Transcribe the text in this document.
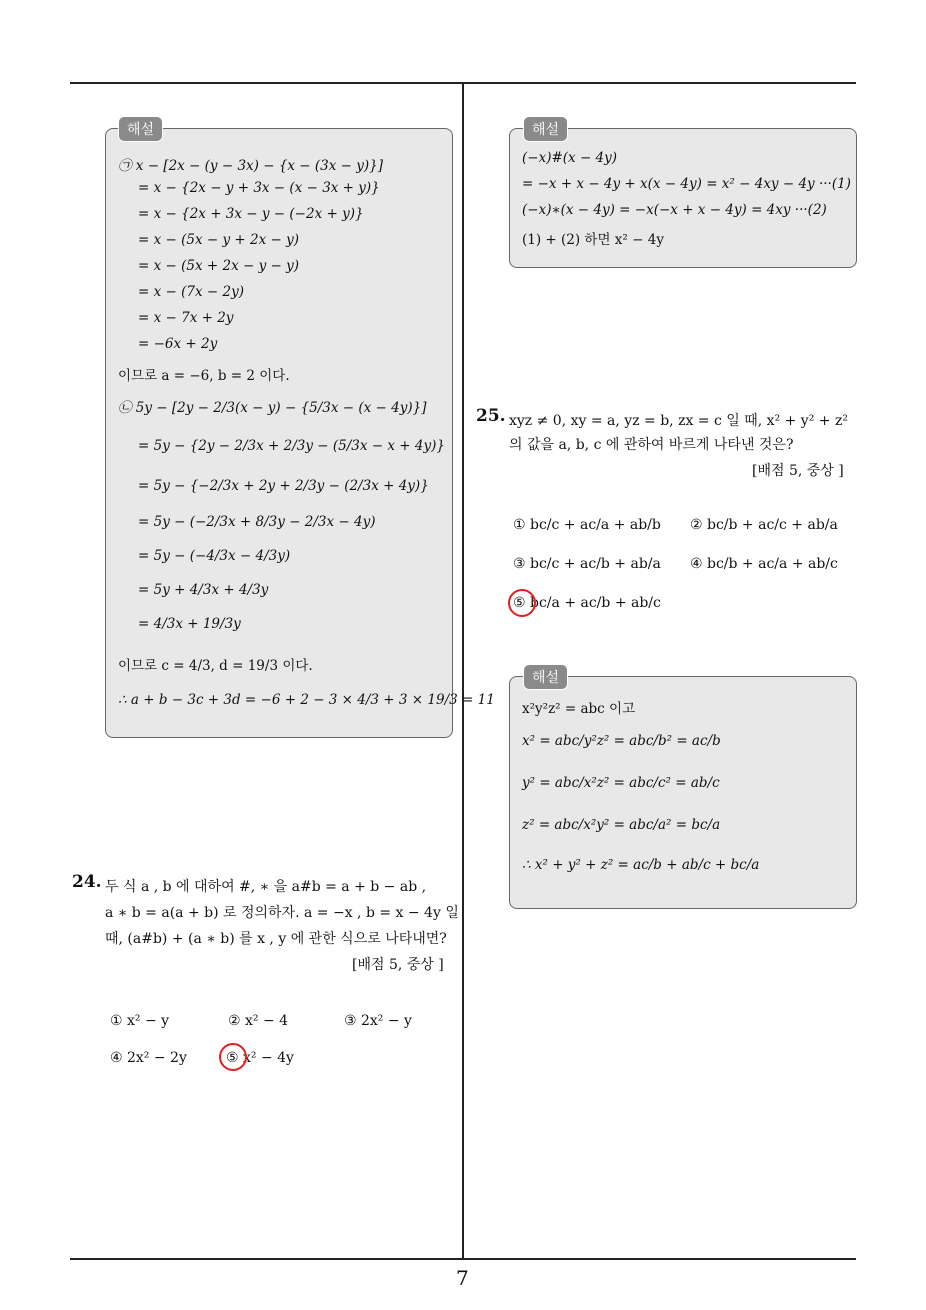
해설
㉠ x − [2x − (y − 3x) − {x − (3x − y)}]
= x − {2x − y + 3x − (x − 3x + y)}
= x − {2x + 3x − y − (−2x + y)}
= x − (5x − y + 2x − y)
= x − (5x + 2x − y − y)
= x − (7x − 2y)
= x − 7x + 2y
= −6x + 2y
이므로 a = −6, b = 2 이다.
㉡ 5y − [2y − 2/3(x − y) − {5/3x − (x − 4y)}]
= 5y − {2y − 2/3x + 2/3y − (5/3x − x + 4y)}
= 5y − {−2/3x + 2y + 2/3y − (2/3x + 4y)}
= 5y − (−2/3x + 8/3y − 2/3x − 4y)
= 5y − (−4/3x − 4/3y)
= 5y + 4/3x + 4/3y
= 4/3x + 19/3y
이므로 c = 4/3, d = 19/3 이다.
∴ a + b − 3c + 3d = −6 + 2 − 3 × 4/3 + 3 × 19/3 = 11
24. 두 식 a , b 에 대하여 #, ∗ 을 a#b = a + b − ab ,
a ∗ b = a(a + b) 로 정의하자. a = −x , b = x − 4y 일
때, (a#b) + (a ∗ b) 를 x , y 에 관한 식으로 나타내면?
[배점 5, 중상 ]
① x² − y	② x² − 4	③ 2x² − y
④ 2x² − 2y	⑤ x² − 4y
해설
(−x)#(x − 4y)
= −x + x − 4y + x(x − 4y) = x² − 4xy − 4y ···(1)
(−x)∗(x − 4y) = −x(−x + x − 4y) = 4xy ···(2)
(1) + (2) 하면 x² − 4y
25. xyz ≠ 0, xy = a, yz = b, zx = c 일 때, x² + y² + z²
의 값을 a, b, c 에 관하여 바르게 나타낸 것은?
[배점 5, 중상 ]
① bc/c + ac/a + ab/b ② bc/b + ac/c + ab/a
③ bc/c + ac/b + ab/a ④ bc/b + ac/a + ab/c
⑤ bc/a + ac/b + ab/c
해설
x²y²z² = abc 이고
x² = abc/y²z² = abc/b² = ac/b
y² = abc/x²z² = abc/c² = ab/c
z² = abc/x²y² = abc/a² = bc/a
∴ x² + y² + z² = ac/b + ab/c + bc/a
7
